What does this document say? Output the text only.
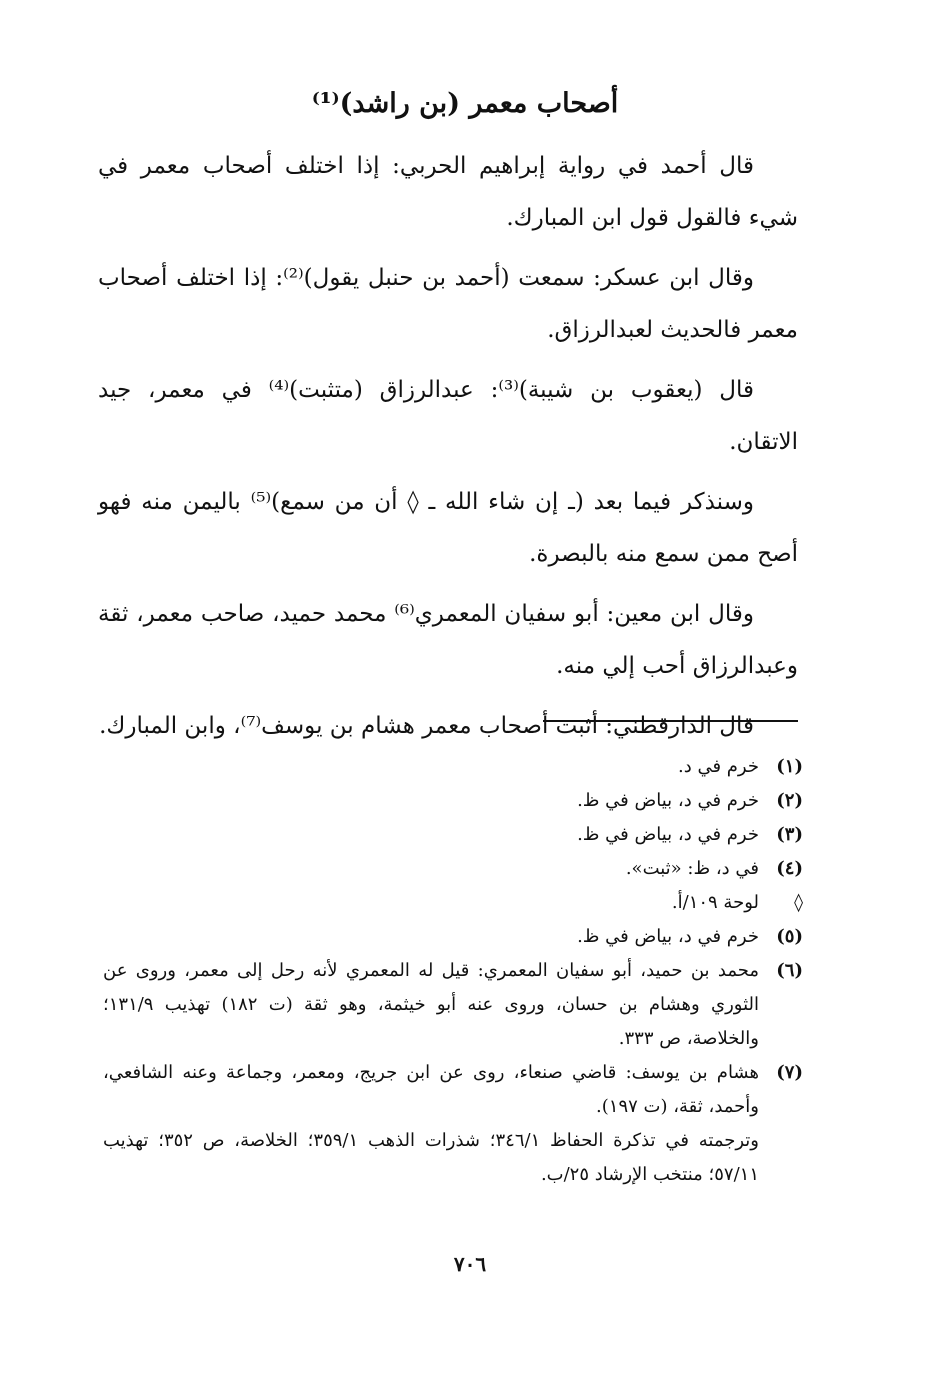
أصحاب معمر (بن راشد)⁽¹⁾

قال أحمد في رواية إبراهيم الحربي: إذا اختلف أصحاب معمر في شيء فالقول قول ابن المبارك.

وقال ابن عسكر: سمعت (أحمد بن حنبل يقول)⁽²⁾: إذا اختلف أصحاب معمر فالحديث لعبدالرزاق.

قال (يعقوب بن شيبة)⁽³⁾: عبدالرزاق (متثبت)⁽⁴⁾ في معمر، جيد الاتقان.

وسنذكر فيما بعد (ـ إن شاء الله ـ ◊ أن من سمع)⁽⁵⁾ باليمن منه فهو أصح ممن سمع منه بالبصرة.

وقال ابن معين: أبو سفيان المعمري⁽⁶⁾ محمد حميد، صاحب معمر، ثقة وعبدالرزاق أحب إلي منه.

قال الدارقطني: أثبت أصحاب معمر هشام بن يوسف⁽⁷⁾، وابن المبارك.

(١)
خرم في د.
(٢)
خرم في د، بياض في ظ.
(٣)
خرم في د، بياض في ظ.
(٤)
في د، ظ: «ثبت».
◊
لوحة ١٠٩/أ.
(٥)
خرم في د، بياض في ظ.
(٦)
محمد بن حميد، أبو سفيان المعمري: قيل له المعمري لأنه رحل إلى معمر، وروى عن الثوري وهشام بن حسان، وروى عنه أبو خيثمة، وهو ثقة (ت ١٨٢) تهذيب ١٣١/٩؛ والخلاصة، ص ٣٣٣.
(٧)
هشام بن يوسف: قاضي صنعاء، روى عن ابن جريج، ومعمر، وجماعة وعنه الشافعي، وأحمد، ثقة، (ت ١٩٧).
وترجمته في تذكرة الحفاظ ٣٤٦/١؛ شذرات الذهب ٣٥٩/١؛ الخلاصة، ص ٣٥٢؛ تهذيب ٥٧/١١؛ منتخب الإرشاد ٢٥/ب.
٧٠٦
